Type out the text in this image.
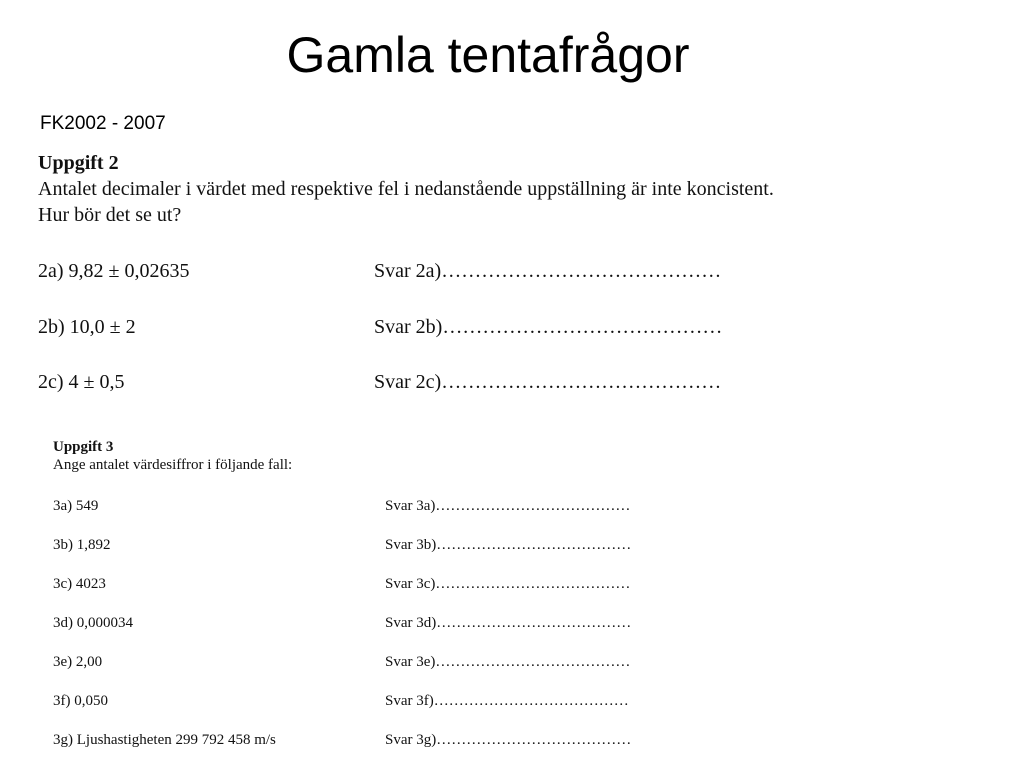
Gamla tentafrågor
FK2002 - 2007
Uppgift 2
Antalet decimaler i värdet med respektive fel i nedanstående uppställning är inte koncistent.
Hur bör det se ut?
2a) 9,82 ± 0,02635	Svar 2a)……………………………………
2b) 10,0 ± 2	Svar 2b)……………………………………
2c) 4 ± 0,5	Svar 2c)……………………………………
Uppgift 3
Ange antalet värdesiffror i följande fall:
3a) 549	Svar 3a)…………………………………
3b) 1,892	Svar 3b)…………………………………
3c) 4023	Svar 3c)…………………………………
3d) 0,000034	Svar 3d)…………………………………
3e) 2,00	Svar 3e)…………………………………
3f) 0,050	Svar 3f)…………………………………
3g) Ljushastigheten 299 792 458 m/s	Svar 3g)…………………………………
